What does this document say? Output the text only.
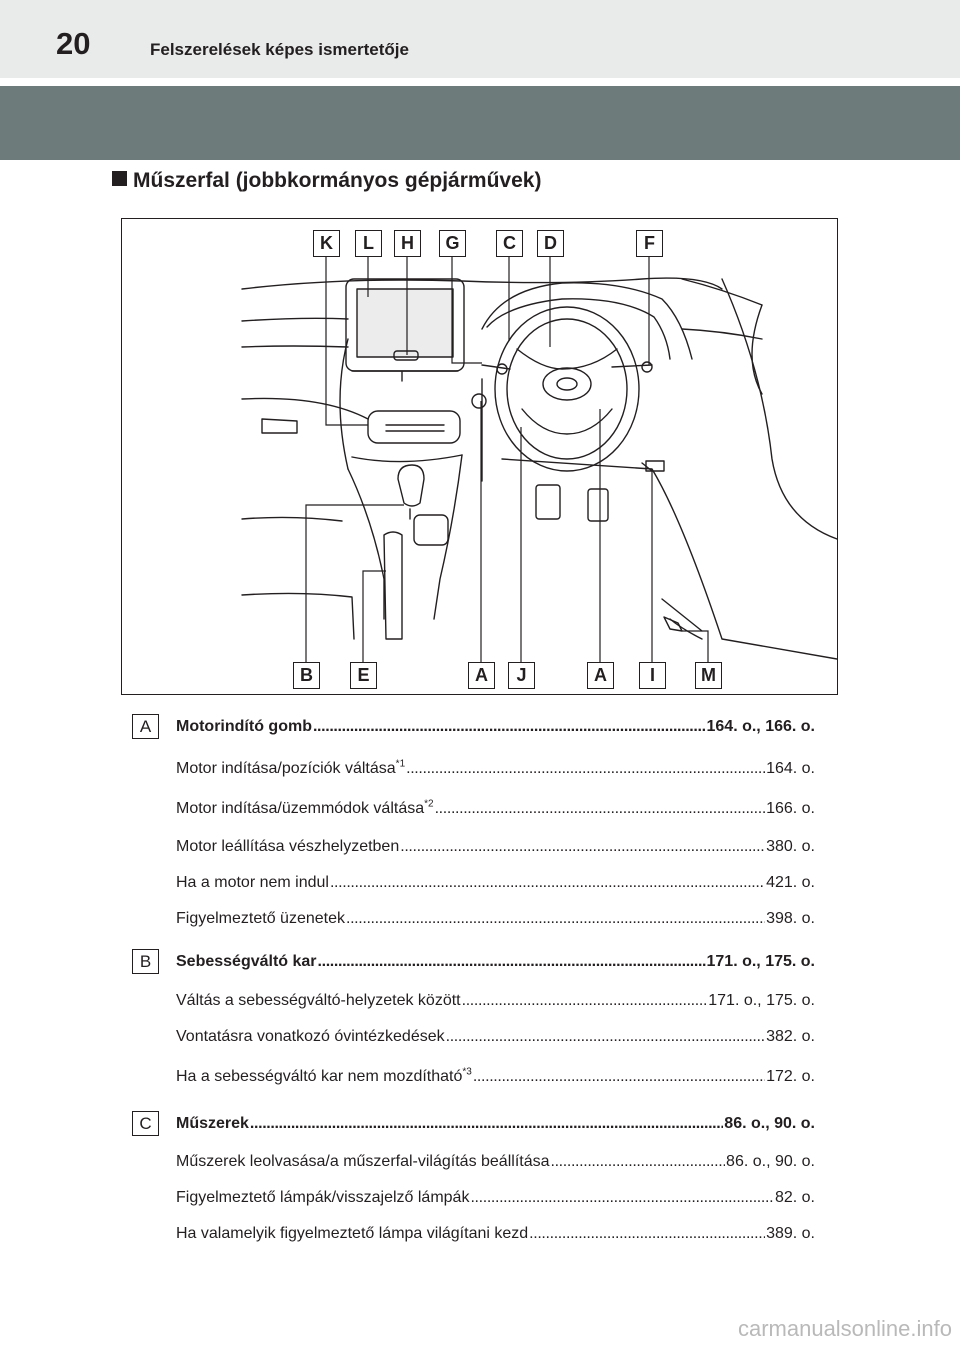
20	Felszerelések képes ismertetője
Műszerfal (jobbkormányos gépjárművek)
K	L	H	G	C	D	F
B	E	A	J	A	I	M
A	Motorindító gomb . . .	164. o., 166. o.
Motor indítása/pozíciók váltása$^{*1}$ . . .	164. o.
Motor indítása/üzemmódok váltása$^{*2}$ . . .	166. o.
Motor leállítása vészhelyzetben . . .	380. o.
Ha a motor nem indul . . .	421. o.
Figyelmeztető üzenetek . . .	398. o.
B	Sebességváltó kar . . .	171. o., 175. o.
Váltás a sebességváltó-helyzetek között . . .	171. o., 175. o.
Vontatásra vonatkozó óvintézkedések . . .	382. o.
Ha a sebességváltó kar nem mozdítható$^{*3}$ . . .	172. o.
C	Műszerek . . .	86. o., 90. o.
Műszerek leolvasása/a műszerfal-világítás beállítása . . .	86. o., 90. o.
Figyelmeztető lámpák/visszajelző lámpák . . .	82. o.
Ha valamelyik figyelmeztető lámpa világítani kezd . . .	389. o.
carmanualsonline.info
